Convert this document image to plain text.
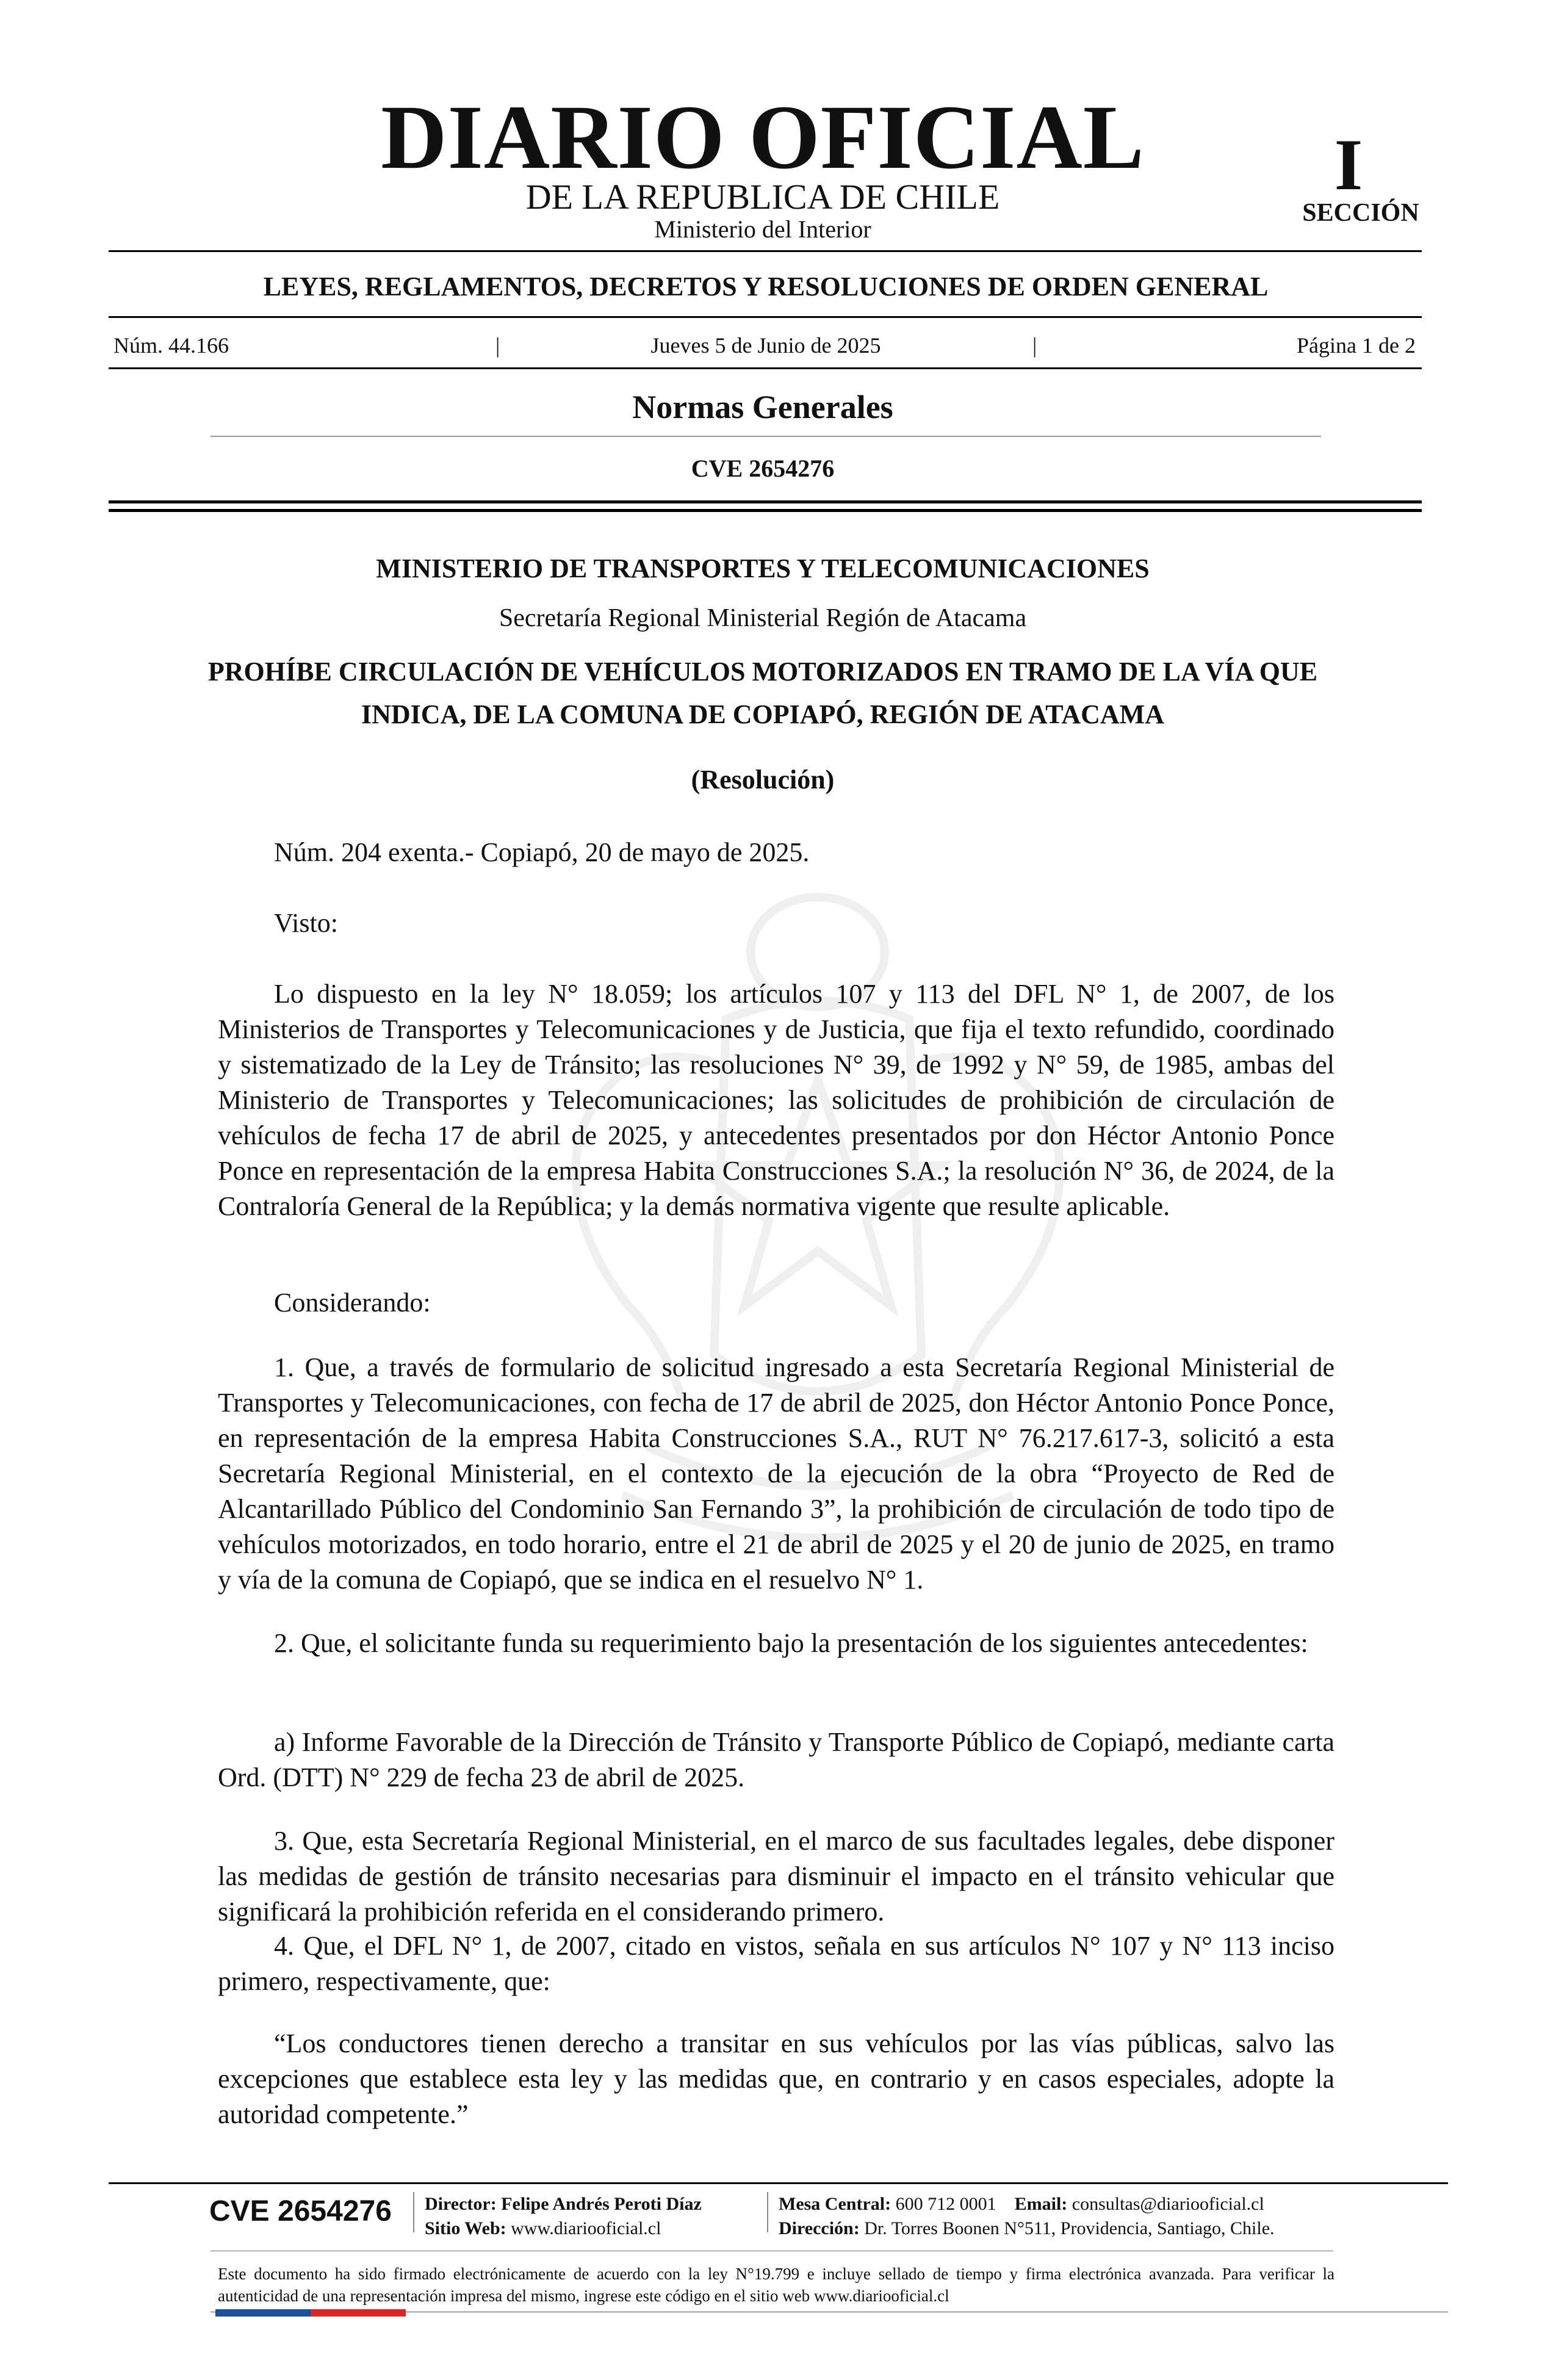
DIARIO OFICIAL
DE LA REPUBLICA DE CHILE
Ministerio del Interior
I
SECCIÓN
LEYES, REGLAMENTOS, DECRETOS Y RESOLUCIONES DE ORDEN GENERAL
Núm. 44.166	|	Jueves 5 de Junio de 2025	|	Página 1 de 2
Normas Generales
CVE 2654276
MINISTERIO DE TRANSPORTES Y TELECOMUNICACIONES
Secretaría Regional Ministerial Región de Atacama
PROHÍBE CIRCULACIÓN DE VEHÍCULOS MOTORIZADOS EN TRAMO DE LA VÍA QUE INDICA, DE LA COMUNA DE COPIAPÓ, REGIÓN DE ATACAMA
(Resolución)
Núm. 204 exenta.- Copiapó, 20 de mayo de 2025.
Visto:
Lo dispuesto en la ley N° 18.059; los artículos 107 y 113 del DFL N° 1, de 2007, de los Ministerios de Transportes y Telecomunicaciones y de Justicia, que fija el texto refundido, coordinado y sistematizado de la Ley de Tránsito; las resoluciones N° 39, de 1992 y N° 59, de 1985, ambas del Ministerio de Transportes y Telecomunicaciones; las solicitudes de prohibición de circulación de vehículos de fecha 17 de abril de 2025, y antecedentes presentados por don Héctor Antonio Ponce Ponce en representación de la empresa Habita Construcciones S.A.; la resolución N° 36, de 2024, de la Contraloría General de la República; y la demás normativa vigente que resulte aplicable.
Considerando:
1. Que, a través de formulario de solicitud ingresado a esta Secretaría Regional Ministerial de Transportes y Telecomunicaciones, con fecha de 17 de abril de 2025, don Héctor Antonio Ponce Ponce, en representación de la empresa Habita Construcciones S.A., RUT N° 76.217.617-3, solicitó a esta Secretaría Regional Ministerial, en el contexto de la ejecución de la obra “Proyecto de Red de Alcantarillado Público del Condominio San Fernando 3”, la prohibición de circulación de todo tipo de vehículos motorizados, en todo horario, entre el 21 de abril de 2025 y el 20 de junio de 2025, en tramo y vía de la comuna de Copiapó, que se indica en el resuelvo N° 1.
2. Que, el solicitante funda su requerimiento bajo la presentación de los siguientes antecedentes:
a) Informe Favorable de la Dirección de Tránsito y Transporte Público de Copiapó, mediante carta Ord. (DTT) N° 229 de fecha 23 de abril de 2025.
3. Que, esta Secretaría Regional Ministerial, en el marco de sus facultades legales, debe disponer las medidas de gestión de tránsito necesarias para disminuir el impacto en el tránsito vehicular que significará la prohibición referida en el considerando primero.
4. Que, el DFL N° 1, de 2007, citado en vistos, señala en sus artículos N° 107 y N° 113 inciso primero, respectivamente, que:
“Los conductores tienen derecho a transitar en sus vehículos por las vías públicas, salvo las excepciones que establece esta ley y las medidas que, en contrario y en casos especiales, adopte la autoridad competente.”
CVE 2654276	Director: Felipe Andrés Peroti Díaz
Sitio Web: www.diariooficial.cl
Mesa Central: 600 712 0001 Email: consultas@diariooficial.cl
Dirección: Dr. Torres Boonen N°511, Providencia, Santiago, Chile.
Este documento ha sido firmado electrónicamente de acuerdo con la ley N°19.799 e incluye sellado de tiempo y firma electrónica avanzada. Para verificar la autenticidad de una representación impresa del mismo, ingrese este código en el sitio web www.diariooficial.cl
